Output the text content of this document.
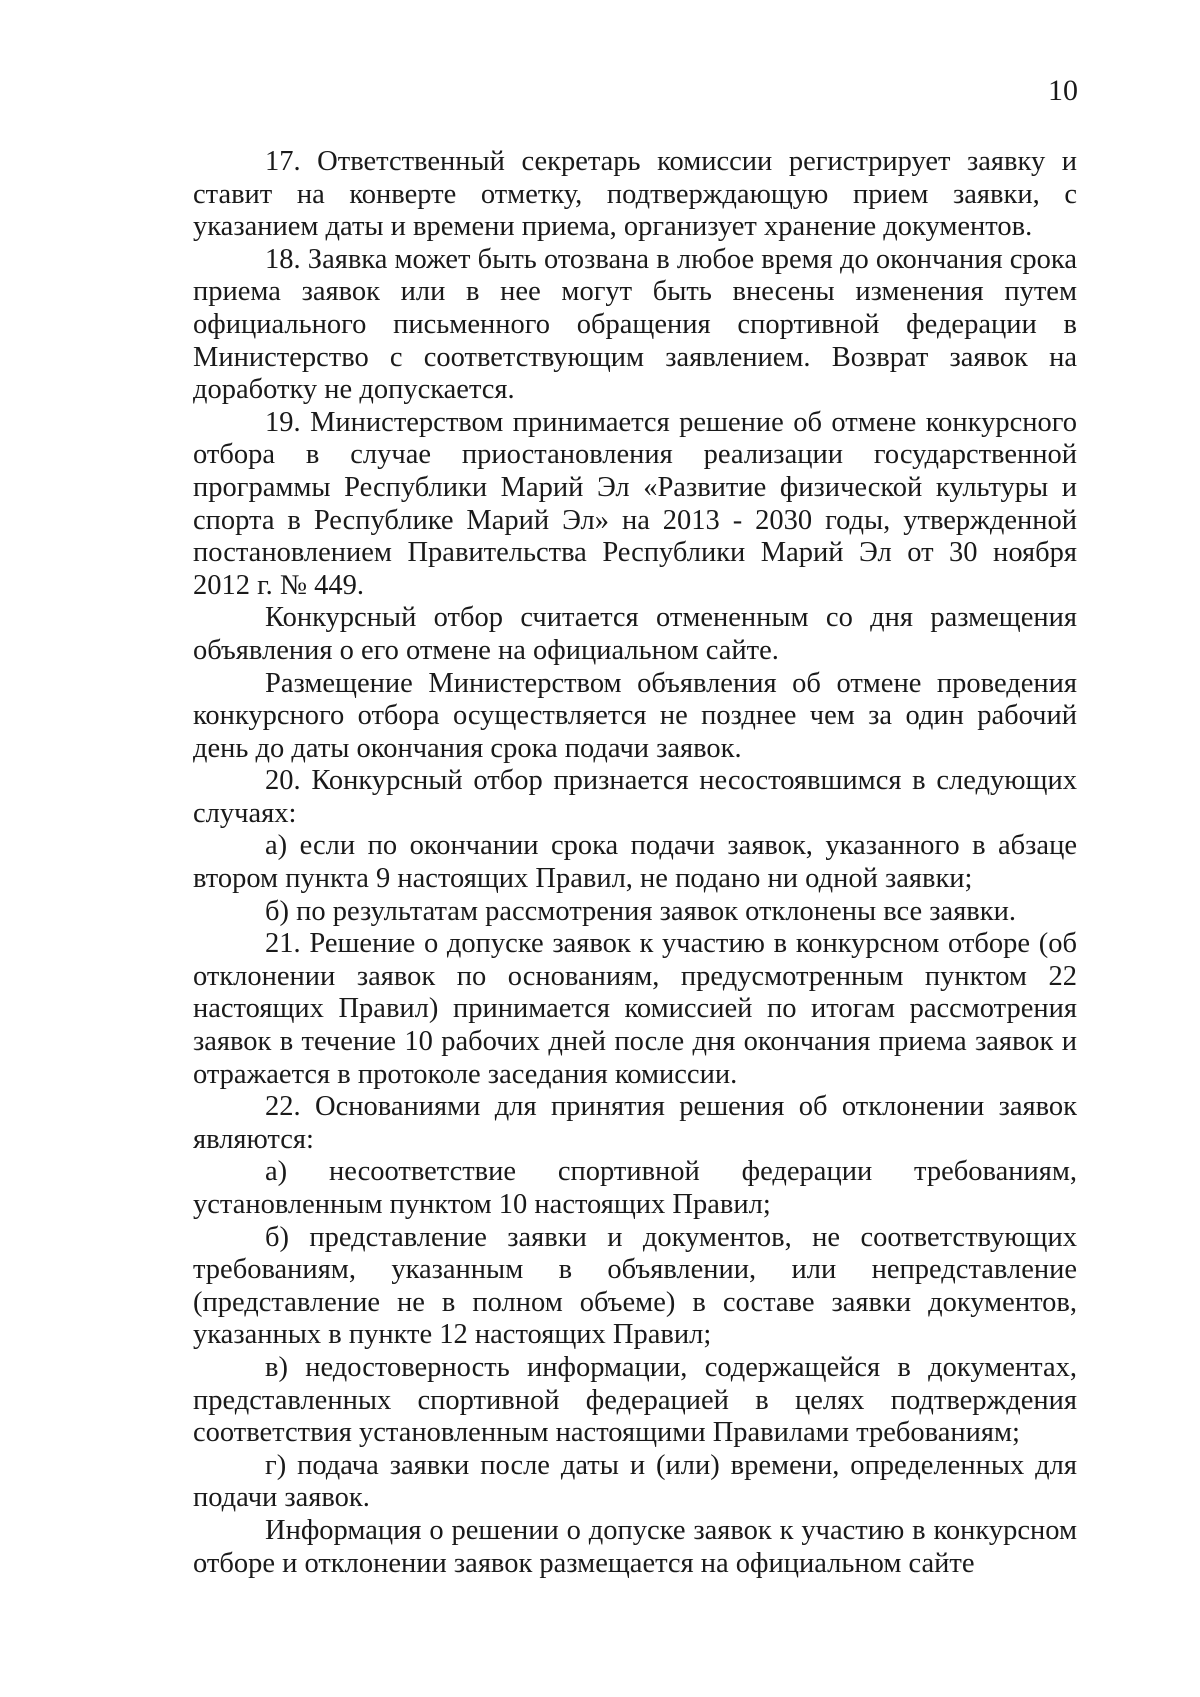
10

17. Ответственный секретарь комиссии регистрирует заявку и ставит на конверте отметку, подтверждающую прием заявки, с указанием даты и времени приема, организует хранение документов.

18. Заявка может быть отозвана в любое время до окончания срока приема заявок или в нее могут быть внесены изменения путем официального письменного обращения спортивной федерации в Министерство с соответствующим заявлением. Возврат заявок на доработку не допускается.

19. Министерством принимается решение об отмене конкурсного отбора в случае приостановления реализации государственной программы Республики Марий Эл «Развитие физической культуры и спорта в Республике Марий Эл» на 2013 - 2030 годы, утвержденной постановлением Правительства Республики Марий Эл от 30 ноября 2012 г. № 449.

Конкурсный отбор считается отмененным со дня размещения объявления о его отмене на официальном сайте.

Размещение Министерством объявления об отмене проведения конкурсного отбора осуществляется не позднее чем за один рабочий день до даты окончания срока подачи заявок.

20. Конкурсный отбор признается несостоявшимся в следующих случаях:

а) если по окончании срока подачи заявок, указанного в абзаце втором пункта 9 настоящих Правил, не подано ни одной заявки;

б) по результатам рассмотрения заявок отклонены все заявки.

21. Решение о допуске заявок к участию в конкурсном отборе (об отклонении заявок по основаниям, предусмотренным пунктом 22 настоящих Правил) принимается комиссией по итогам рассмотрения заявок в течение 10 рабочих дней после дня окончания приема заявок и отражается в протоколе заседания комиссии.

22. Основаниями для принятия решения об отклонении заявок являются:

а) несоответствие спортивной федерации требованиям, установленным пунктом 10 настоящих Правил;

б) представление заявки и документов, не соответствующих требованиям, указанным в объявлении, или непредставление (представление не в полном объеме) в составе заявки документов, указанных в пункте 12 настоящих Правил;

в) недостоверность информации, содержащейся в документах, представленных спортивной федерацией в целях подтверждения соответствия установленным настоящими Правилами требованиям;

г) подача заявки после даты и (или) времени, определенных для подачи заявок.

Информация о решении о допуске заявок к участию в конкурсном отборе и отклонении заявок размещается на официальном сайте
